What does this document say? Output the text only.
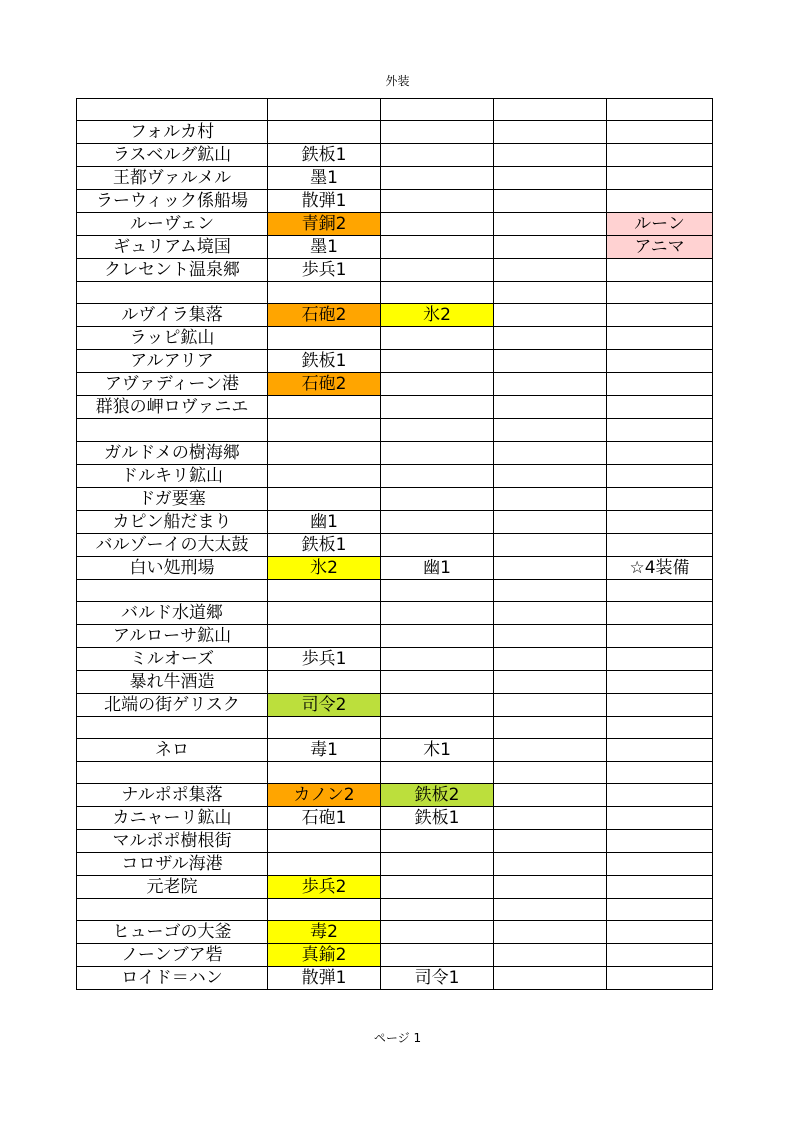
外装

フォルカ村				
ラスベルグ鉱山	鉄板1			
王都ヴァルメル	墨1			
ラーウィック係船場	散弾1			
ルーヴェン	青銅2			ルーン
ギュリアム境国	墨1			アニマ
クレセント温泉郷	歩兵1			

ルヴイラ集落	石砲2	氷2		
ラッピ鉱山				
アルアリア	鉄板1			
アヴァディーン港	石砲2			
群狼の岬ロヴァニエ				

ガルドメの樹海郷				
ドルキリ鉱山				
ドガ要塞				
カピン船だまり	幽1			
バルゾーイの大太鼓	鉄板1			
白い処刑場	氷2	幽1		☆4装備

バルド水道郷				
アルローサ鉱山				
ミルオーズ	歩兵1			
暴れ牛酒造				
北端の街ゲリスク	司令2			

ネロ	毒1	木1		

ナルポポ集落	カノン2	鉄板2		
カニャーリ鉱山	石砲1	鉄板1		
マルポポ樹根街				
コロザル海港				
元老院	歩兵2			

ヒューゴの大釜	毒2			
ノーンブア砦	真鍮2			
ロイド＝ハン	散弾1	司令1		
ページ 1
